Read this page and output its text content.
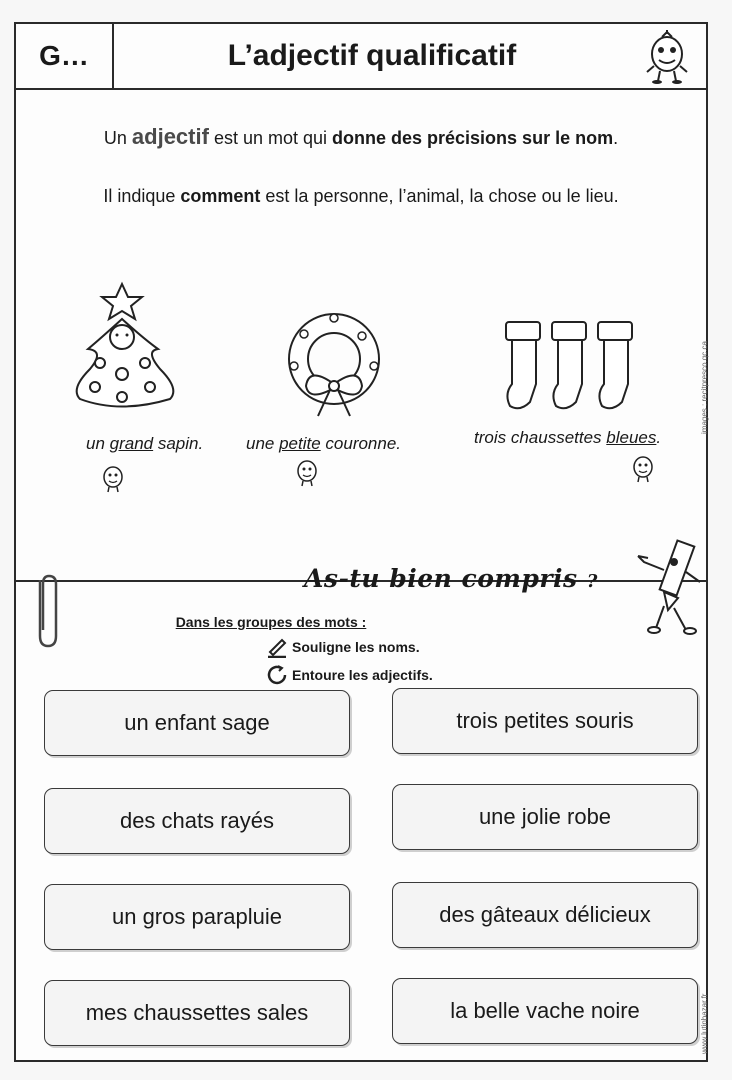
G…	L’adjectif qualificatif
Un adjectif est un mot qui donne des précisions sur le nom.
Il indique comment est la personne, l’animal, la chose ou le lieu.
un grand sapin.	une petite couronne.	trois chaussettes bleues.
images : recitpresco.qc.ca
As-tu bien compris ?
Dans les groupes des mots :
Souligne les noms.
Entoure les adjectifs.
un enfant sage	trois petites souris
des chats rayés	une jolie robe
un gros parapluie	des gâteaux délicieux
mes chaussettes sales	la belle vache noire	www.lutinbazar.fr
